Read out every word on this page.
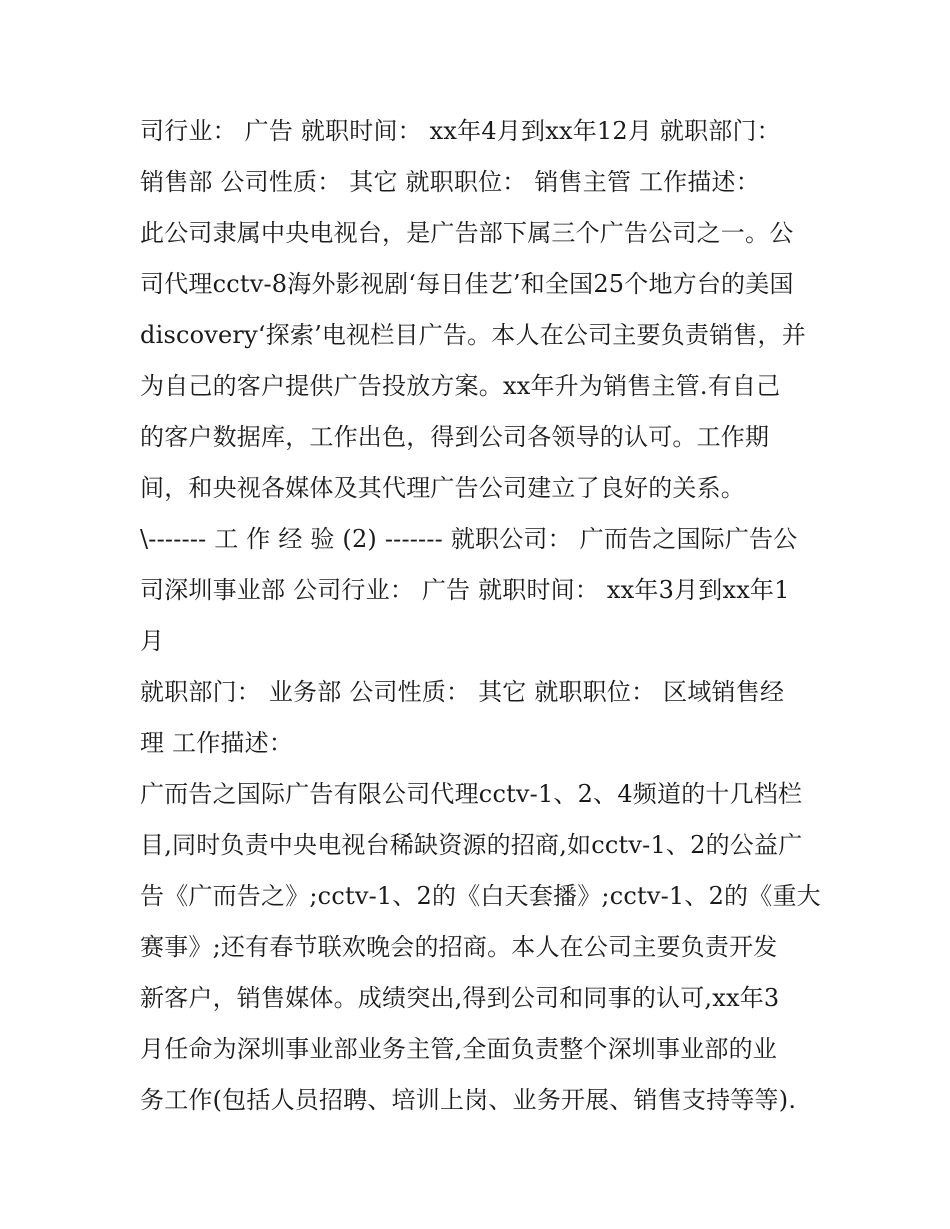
司行业： 广告 就职时间： xx年4月到xx年12月 就职部门：
销售部 公司性质： 其它 就职职位： 销售主管 工作描述：
此公司隶属中央电视台，是广告部下属三个广告公司之一。公
司代理cctv-8海外影视剧‘每日佳艺’和全国25个地方台的美国
discovery‘探索’电视栏目广告。本人在公司主要负责销售，并
为自己的客户提供广告投放方案。xx年升为销售主管.有自己
的客户数据库，工作出色，得到公司各领导的认可。工作期
间，和央视各媒体及其代理广告公司建立了良好的关系。
\------- 工 作 经 验 (2) ------- 就职公司： 广而告之国际广告公
司深圳事业部 公司行业： 广告 就职时间： xx年3月到xx年1
月
就职部门： 业务部 公司性质： 其它 就职职位： 区域销售经
理 工作描述：
广而告之国际广告有限公司代理cctv-1、2、4频道的十几档栏
目,同时负责中央电视台稀缺资源的招商,如cctv-1、2的公益广
告《广而告之》;cctv-1、2的《白天套播》;cctv-1、2的《重大
赛事》;还有春节联欢晚会的招商。本人在公司主要负责开发
新客户，销售媒体。成绩突出,得到公司和同事的认可,xx年3
月任命为深圳事业部业务主管,全面负责整个深圳事业部的业
务工作(包括人员招聘、培训上岗、业务开展、销售支持等等).
